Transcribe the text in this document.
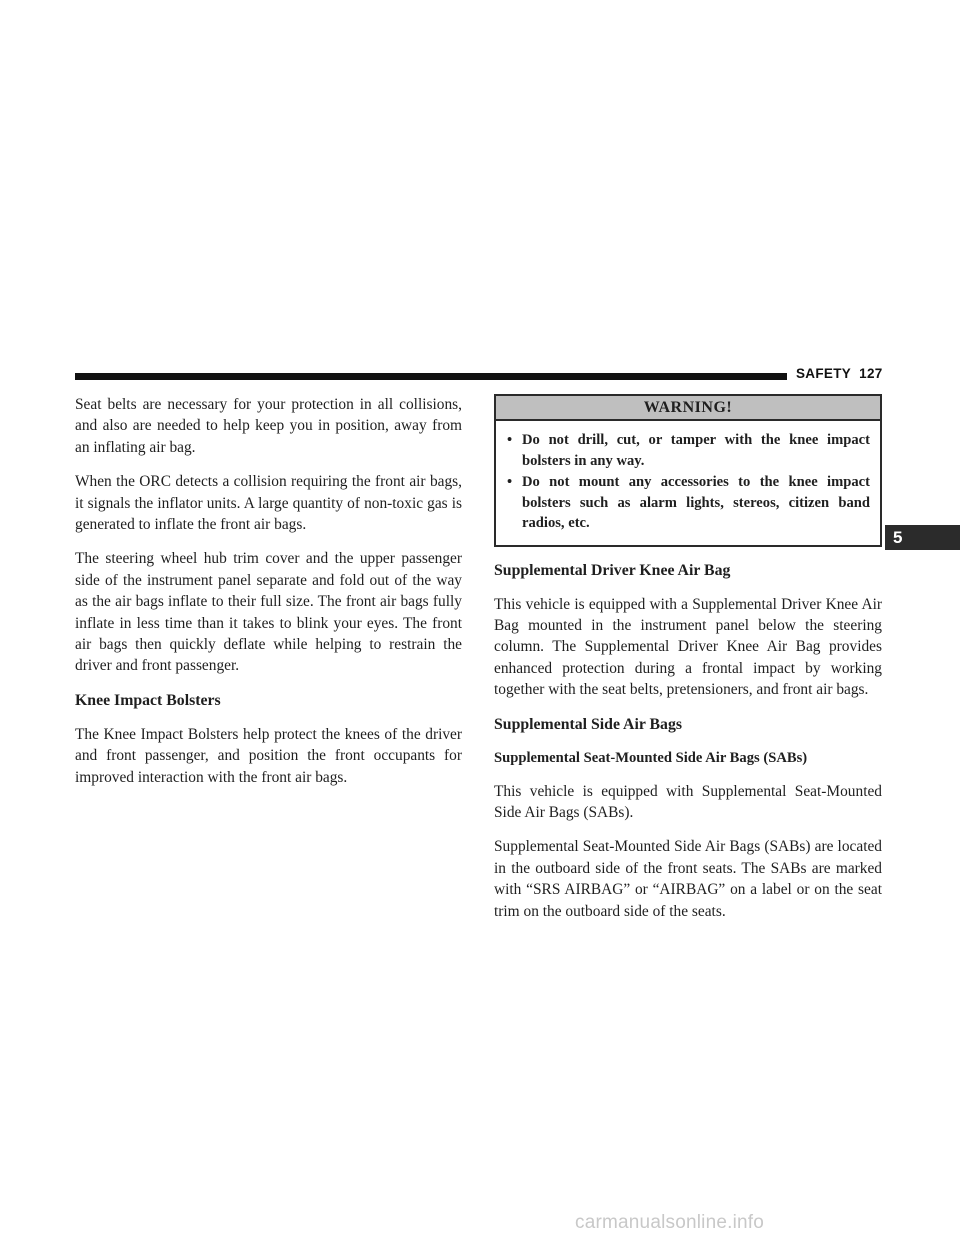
SAFETY 127

Seat belts are necessary for your protection in all collisions, and also are needed to help keep you in position, away from an inflating air bag.

When the ORC detects a collision requiring the front air bags, it signals the inflator units. A large quantity of non-toxic gas is generated to inflate the front air bags.

The steering wheel hub trim cover and the upper passenger side of the instrument panel separate and fold out of the way as the air bags inflate to their full size. The front air bags fully inflate in less time than it takes to blink your eyes. The front air bags then quickly deflate while helping to restrain the driver and front passenger.

Knee Impact Bolsters

The Knee Impact Bolsters help protect the knees of the driver and front passenger, and position the front occupants for improved interaction with the front air bags.

WARNING!
• Do not drill, cut, or tamper with the knee impact bolsters in any way.
• Do not mount any accessories to the knee impact bolsters such as alarm lights, stereos, citizen band radios, etc.
Supplemental Driver Knee Air Bag

This vehicle is equipped with a Supplemental Driver Knee Air Bag mounted in the instrument panel below the steering column. The Supplemental Driver Knee Air Bag provides enhanced protection during a frontal impact by working together with the seat belts, pretensioners, and front air bags.

Supplemental Side Air Bags
Supplemental Seat-Mounted Side Air Bags (SABs)

This vehicle is equipped with Supplemental Seat-Mounted Side Air Bags (SABs).

Supplemental Seat-Mounted Side Air Bags (SABs) are located in the outboard side of the front seats. The SABs are marked with “SRS AIRBAG” or “AIRBAG” on a label or on the seat trim on the outboard side of the seats.

5
carmanualsonline.info
